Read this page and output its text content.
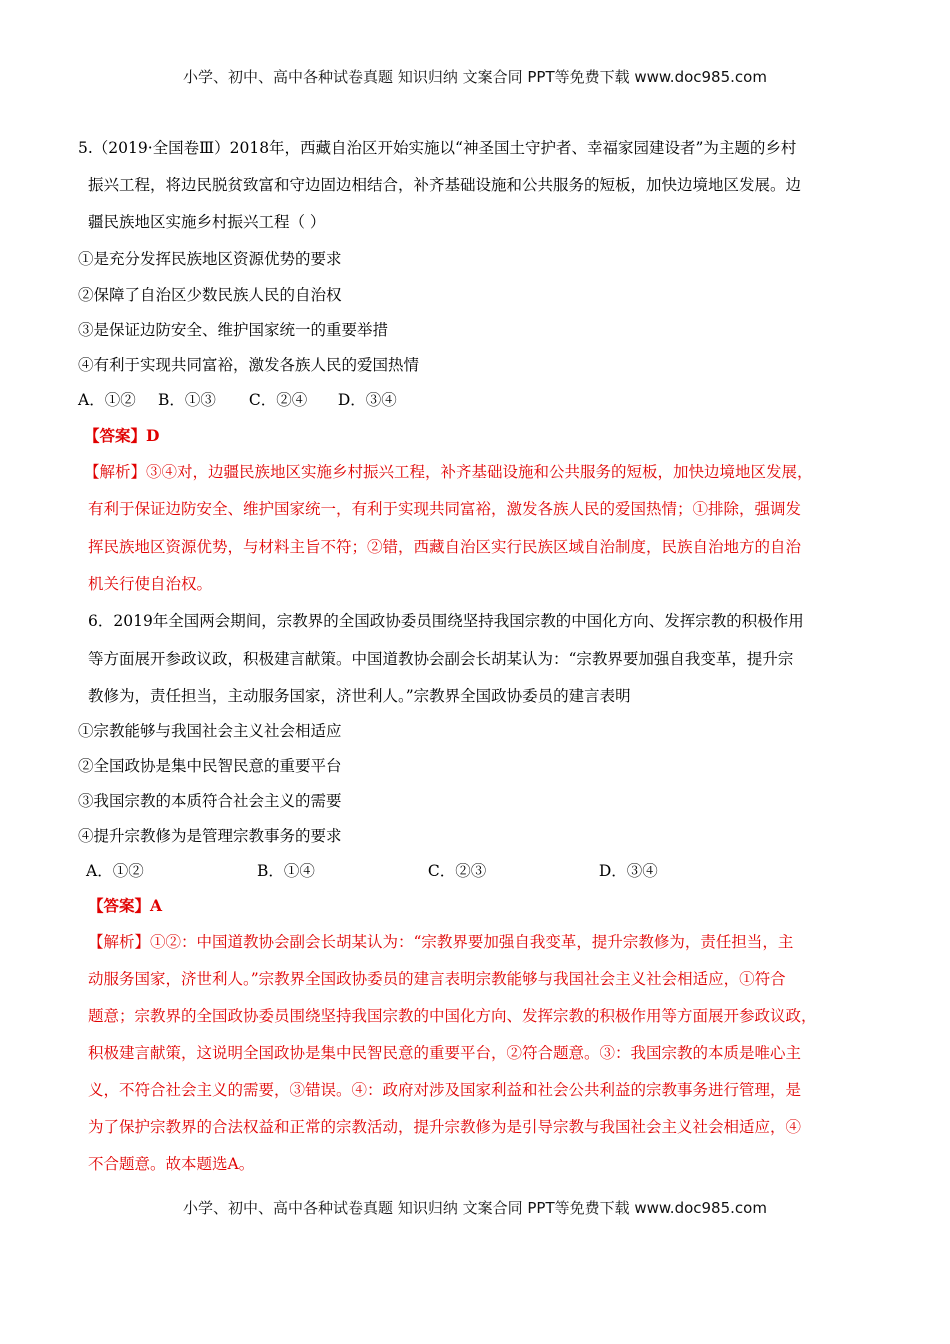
小学、初中、高中各种试卷真题 知识归纳 文案合同 PPT等免费下载 www.doc985.com
5.（2019·全国卷Ⅲ）2018年，西藏自治区开始实施以“神圣国土守护者、幸福家园建设者”为主题的乡村
振兴工程，将边民脱贫致富和守边固边相结合，补齐基础设施和公共服务的短板，加快边境地区发展。边
疆民族地区实施乡村振兴工程（ ）
①是充分发挥民族地区资源优势的要求
②保障了自治区少数民族人民的自治权
③是保证边防安全、维护国家统一的重要举措
④有利于实现共同富裕，激发各族人民的爱国热情
A．①② B．①③ C．②④ D．③④
【答案】D
【解析】③④对，边疆民族地区实施乡村振兴工程，补齐基础设施和公共服务的短板，加快边境地区发展，
有利于保证边防安全、维护国家统一，有利于实现共同富裕，激发各族人民的爱国热情；①排除，强调发
挥民族地区资源优势，与材料主旨不符；②错，西藏自治区实行民族区域自治制度，民族自治地方的自治
机关行使自治权。
6．2019年全国两会期间，宗教界的全国政协委员围绕坚持我国宗教的中国化方向、发挥宗教的积极作用
等方面展开参政议政，积极建言献策。中国道教协会副会长胡某认为：“宗教界要加强自我变革，提升宗
教修为，责任担当，主动服务国家，济世利人。”宗教界全国政协委员的建言表明
①宗教能够与我国社会主义社会相适应
②全国政协是集中民智民意的重要平台
③我国宗教的本质符合社会主义的需要
④提升宗教修为是管理宗教事务的要求
A．①②	B．①④	C．②③	D．③④
【答案】A
【解析】①②：中国道教协会副会长胡某认为：“宗教界要加强自我变革，提升宗教修为，责任担当，主
动服务国家，济世利人。”宗教界全国政协委员的建言表明宗教能够与我国社会主义社会相适应，①符合
题意；宗教界的全国政协委员围绕坚持我国宗教的中国化方向、发挥宗教的积极作用等方面展开参政议政，
积极建言献策，这说明全国政协是集中民智民意的重要平台，②符合题意。③：我国宗教的本质是唯心主
义，不符合社会主义的需要，③错误。④：政府对涉及国家利益和社会公共利益的宗教事务进行管理，是
为了保护宗教界的合法权益和正常的宗教活动，提升宗教修为是引导宗教与我国社会主义社会相适应，④
不合题意。故本题选A。
小学、初中、高中各种试卷真题 知识归纳 文案合同 PPT等免费下载 www.doc985.com
